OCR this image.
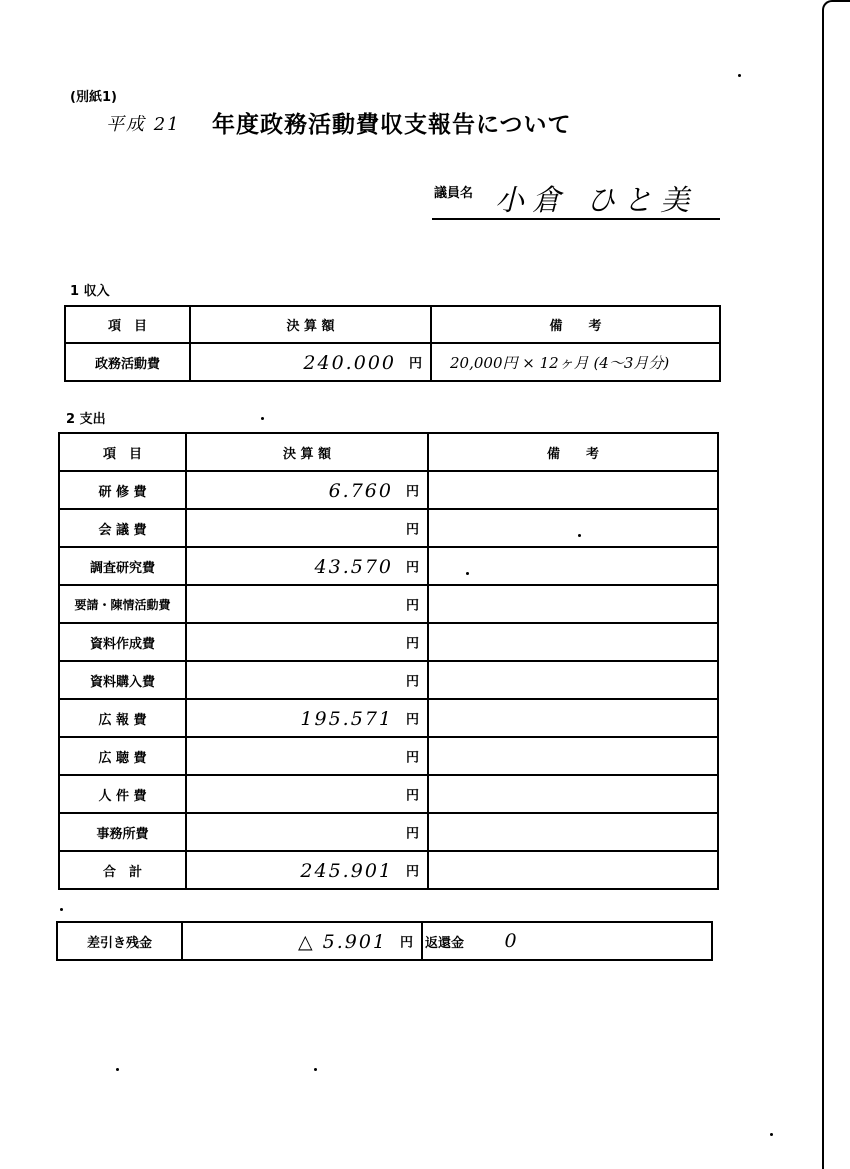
(別紙1)
平成 21 年度政務活動費収支報告について
議員名 小倉 ひと美
1 収入
項　目	決 算 額	備　　考
政務活動費	240.000 円	20,000円 × 12ヶ月 (4～3月分)
2 支出
項　目	決 算 額	備　　考
研 修 費	6.760 円	

会 議 費	円	

調査研究費	43.570 円	

要請・陳情活動費	円	

資料作成費	円	

資料購入費	円	

広 報 費	195.571 円	

広 聴 費	円	

人 件 費	円	

事務所費	円	

合　計	245.901 円	

差引き残金	△ 5.901 円	返還金 0
